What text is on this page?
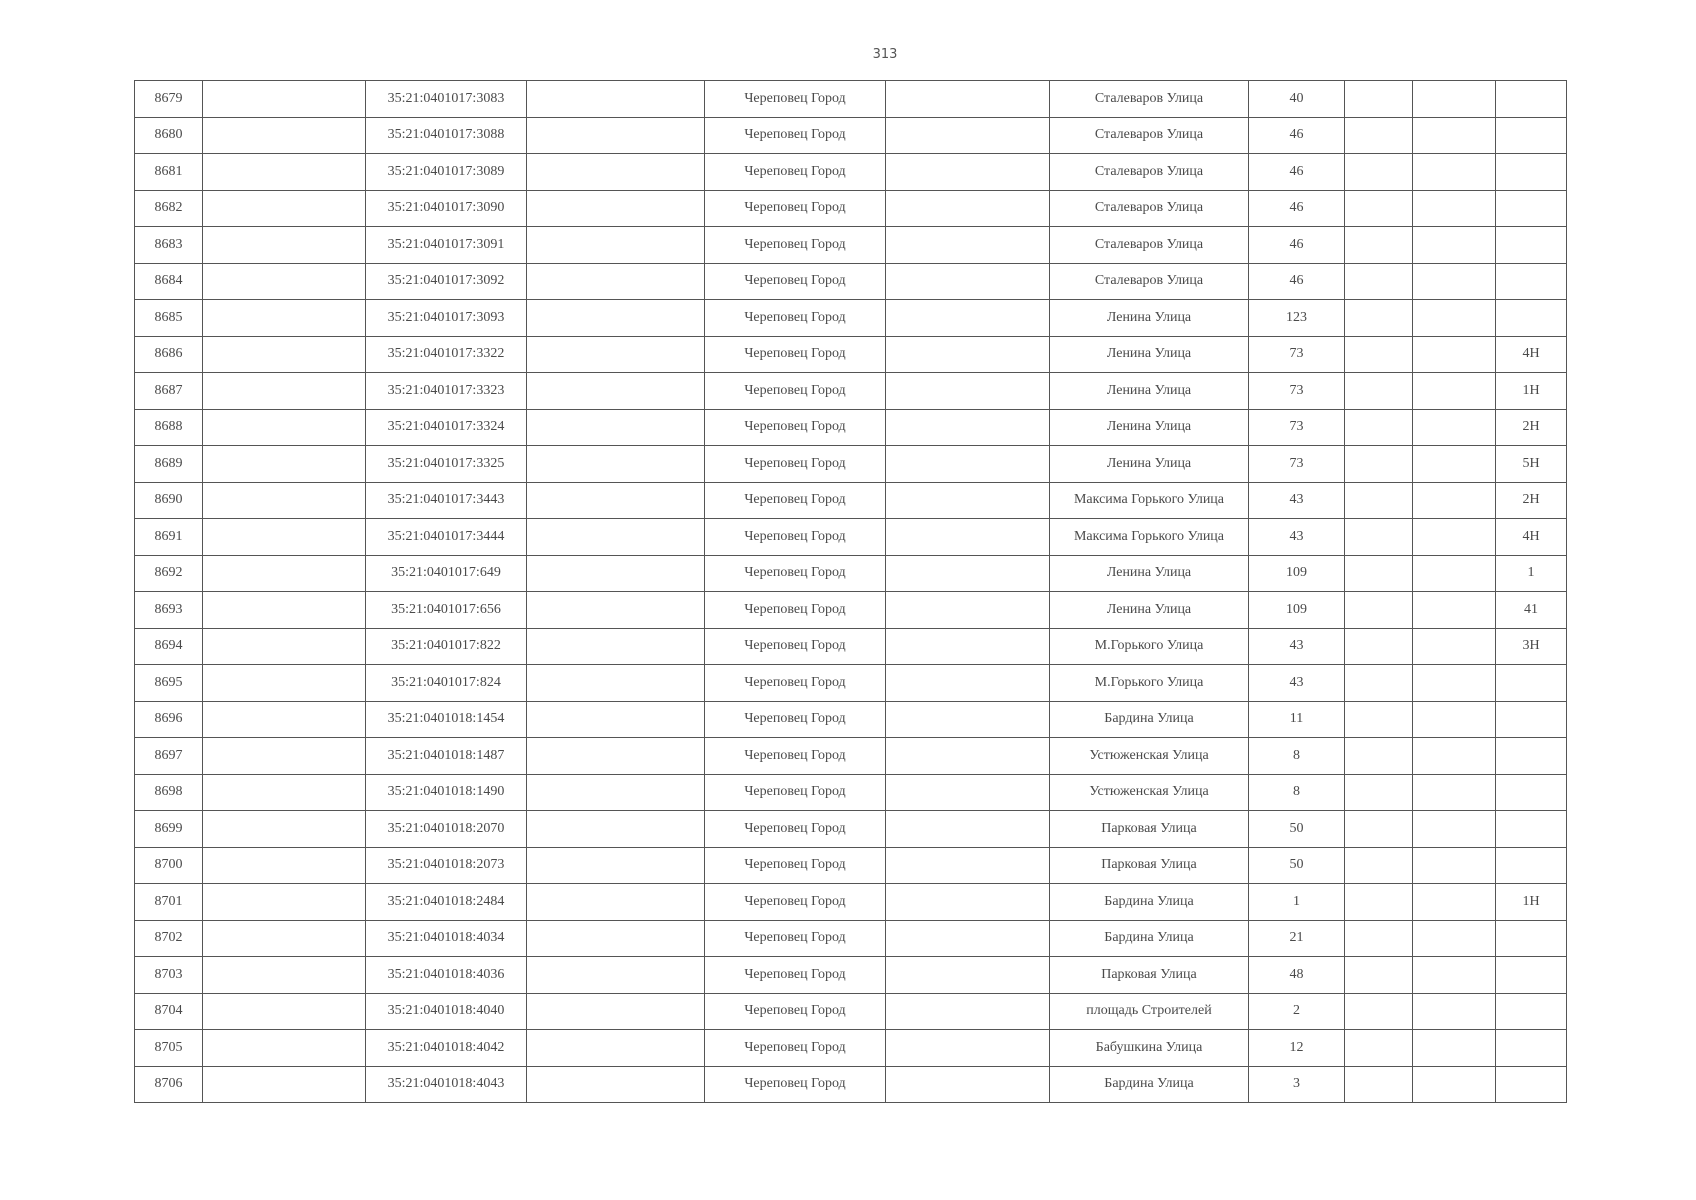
313
8679		35:21:0401017:3083		Череповец Город		Сталеваров Улица	40			
8680		35:21:0401017:3088		Череповец Город		Сталеваров Улица	46			
8681		35:21:0401017:3089		Череповец Город		Сталеваров Улица	46			
8682		35:21:0401017:3090		Череповец Город		Сталеваров Улица	46			
8683		35:21:0401017:3091		Череповец Город		Сталеваров Улица	46			
8684		35:21:0401017:3092		Череповец Город		Сталеваров Улица	46			
8685		35:21:0401017:3093		Череповец Город		Ленина Улица	123			
8686		35:21:0401017:3322		Череповец Город		Ленина Улица	73			4Н
8687		35:21:0401017:3323		Череповец Город		Ленина Улица	73			1Н
8688		35:21:0401017:3324		Череповец Город		Ленина Улица	73			2Н
8689		35:21:0401017:3325		Череповец Город		Ленина Улица	73			5Н
8690		35:21:0401017:3443		Череповец Город		Максима Горького Улица	43			2Н
8691		35:21:0401017:3444		Череповец Город		Максима Горького Улица	43			4Н
8692		35:21:0401017:649		Череповец Город		Ленина Улица	109			1
8693		35:21:0401017:656		Череповец Город		Ленина Улица	109			41
8694		35:21:0401017:822		Череповец Город		М.Горького Улица	43			3Н
8695		35:21:0401017:824		Череповец Город		М.Горького Улица	43			
8696		35:21:0401018:1454		Череповец Город		Бардина Улица	11			
8697		35:21:0401018:1487		Череповец Город		Устюженская Улица	8			
8698		35:21:0401018:1490		Череповец Город		Устюженская Улица	8			
8699		35:21:0401018:2070		Череповец Город		Парковая Улица	50			
8700		35:21:0401018:2073		Череповец Город		Парковая Улица	50			
8701		35:21:0401018:2484		Череповец Город		Бардина Улица	1			1Н
8702		35:21:0401018:4034		Череповец Город		Бардина Улица	21			
8703		35:21:0401018:4036		Череповец Город		Парковая Улица	48			
8704		35:21:0401018:4040		Череповец Город		площадь Строителей	2			
8705		35:21:0401018:4042		Череповец Город		Бабушкина Улица	12			
8706		35:21:0401018:4043		Череповец Город		Бардина Улица	3			
